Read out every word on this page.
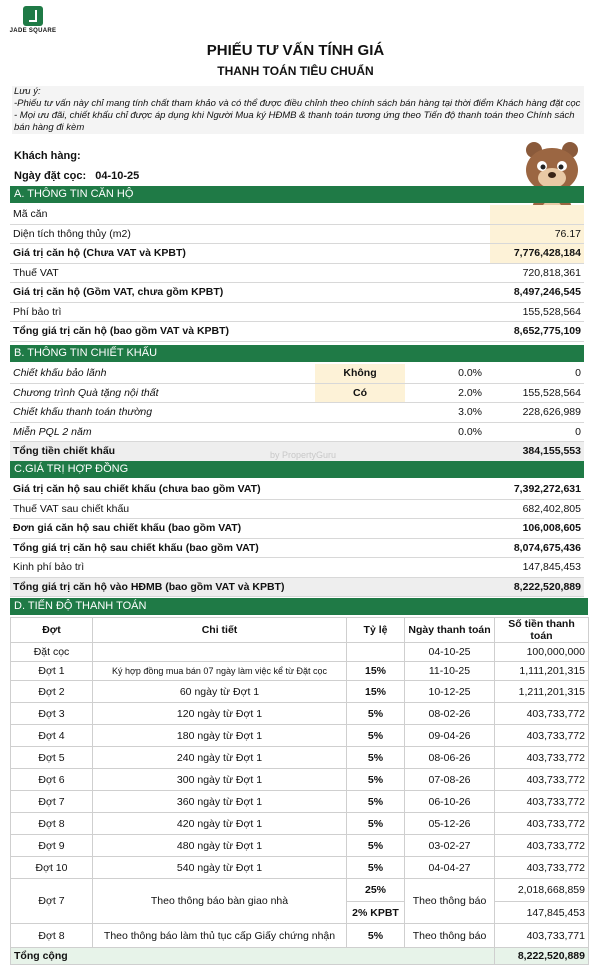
JADE SQUARE
PHIẾU TƯ VẤN TÍNH GIÁ
THANH TOÁN TIÊU CHUẨN
Lưu ý:
-Phiếu tư vấn này chỉ mang tính chất tham khảo và có thể được điều chỉnh theo chính sách bán hàng tại thời điểm Khách hàng đặt cọc
- Mọi ưu đãi, chiết khấu chỉ được áp dụng khi Người Mua ký HĐMB & thanh toán tương ứng theo Tiến độ thanh toán theo Chính sách bán hàng đi kèm
Khách hàng:
Ngày đặt cọc: 04-10-25
A. THÔNG TIN CĂN HỘ
Mã căn	
Diện tích thông thủy (m2)	76.17
Giá trị căn hộ (Chưa VAT và KPBT)	7,776,428,184
Thuế VAT	720,818,361
Giá trị căn hộ (Gồm VAT, chưa gồm KPBT)	8,497,246,545
Phí bảo trì	155,528,564
Tổng giá trị căn hộ (bao gồm VAT và KPBT)	8,652,775,109
B. THÔNG TIN CHIẾT KHẤU
Chiết khấu bảo lãnh	Không	0.0%	0
Chương trình Quà tặng nội thất	Có	2.0%	155,528,564
Chiết khấu thanh toán thường		3.0%	228,626,989
Miễn PQL 2 năm		0.0%	0
Tổng tiền chiết khấu			384,155,553
C.GIÁ TRỊ HỢP ĐỒNG
Giá trị căn hộ sau chiết khấu (chưa bao gồm VAT)	7,392,272,631
Thuế VAT sau chiết khấu	682,402,805
Đơn giá căn hộ sau chiết khấu (bao gồm VAT)	106,008,605
Tổng giá trị căn hộ sau chiết khấu (bao gồm VAT)	8,074,675,436
Kinh phí bảo trì	147,845,453
Tổng giá trị căn hộ vào HĐMB (bao gồm VAT và KPBT)	8,222,520,889
by PropertyGuru
D. TIẾN ĐỘ THANH TOÁN
Đợt	Chi tiết	Tỷ lệ	Ngày thanh toán	Số tiền thanh toán
Đặt cọc			04-10-25	100,000,000
Đợt 1	Ký hợp đồng mua bán 07 ngày làm việc kể từ Đặt cọc	15%	11-10-25	1,111,201,315
Đợt 2	60 ngày từ Đợt 1	15%	10-12-25	1,211,201,315
Đợt 3	120 ngày từ Đợt 1	5%	08-02-26	403,733,772
Đợt 4	180 ngày từ Đợt 1	5%	09-04-26	403,733,772
Đợt 5	240 ngày từ Đợt 1	5%	08-06-26	403,733,772
Đợt 6	300 ngày từ Đợt 1	5%	07-08-26	403,733,772
Đợt 7	360 ngày từ Đợt 1	5%	06-10-26	403,733,772
Đợt 8	420 ngày từ Đợt 1	5%	05-12-26	403,733,772
Đợt 9	480 ngày từ Đợt 1	5%	03-02-27	403,733,772
Đợt 10	540 ngày từ Đợt 1	5%	04-04-27	403,733,772
Đợt 7	Theo thông báo bàn giao nhà	25%	Theo thông báo	2,018,668,859
		2% KPBT		147,845,453
Đợt 8	Theo thông báo làm thủ tục cấp Giấy chứng nhận	5%	Theo thông báo	403,733,771
Tổng cộng				8,222,520,889
